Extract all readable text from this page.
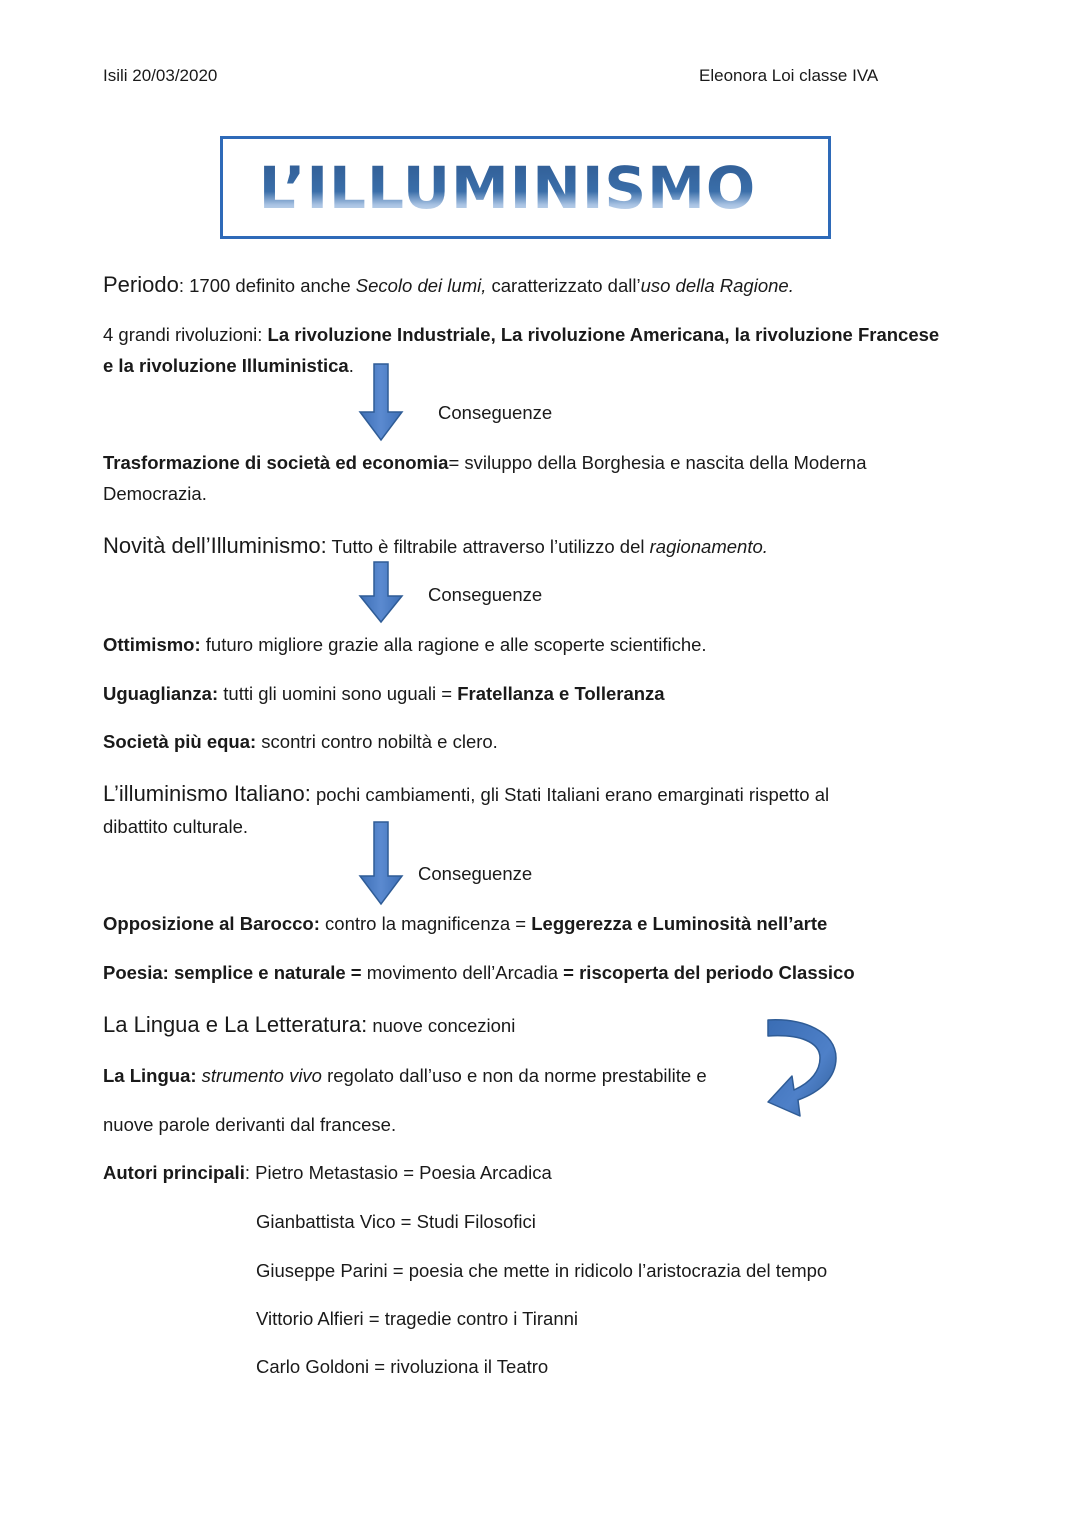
Isili 20/03/2020	Eleonora Loi classe IVA
L’ILLUMINISMO
Periodo: 1700 definito anche Secolo dei lumi, caratterizzato dall’uso della Ragione.
4 grandi rivoluzioni: La rivoluzione Industriale, La rivoluzione Americana, la rivoluzione Francese
e la rivoluzione Illuministica.
Conseguenze
Trasformazione di società ed economia= sviluppo della Borghesia e nascita della Moderna
Democrazia.
Novità dell’Illuminismo: Tutto è filtrabile attraverso l’utilizzo del ragionamento.
Conseguenze
Ottimismo: futuro migliore grazie alla ragione e alle scoperte scientifiche.
Uguaglianza: tutti gli uomini sono uguali = Fratellanza e Tolleranza
Società più equa: scontri contro nobiltà e clero.
L’illuminismo Italiano: pochi cambiamenti, gli Stati Italiani erano emarginati rispetto al
dibattito culturale.
Conseguenze
Opposizione al Barocco: contro la magnificenza = Leggerezza e Luminosità nell’arte
Poesia: semplice e naturale = movimento dell’Arcadia = riscoperta del periodo Classico
La Lingua e La Letteratura: nuove concezioni
La Lingua: strumento vivo regolato dall’uso e non da norme prestabilite e
nuove parole derivanti dal francese.
Autori principali: Pietro Metastasio = Poesia Arcadica
Gianbattista Vico = Studi Filosofici
Giuseppe Parini = poesia che mette in ridicolo l’aristocrazia del tempo
Vittorio Alfieri = tragedie contro i Tiranni
Carlo Goldoni = rivoluziona il Teatro
